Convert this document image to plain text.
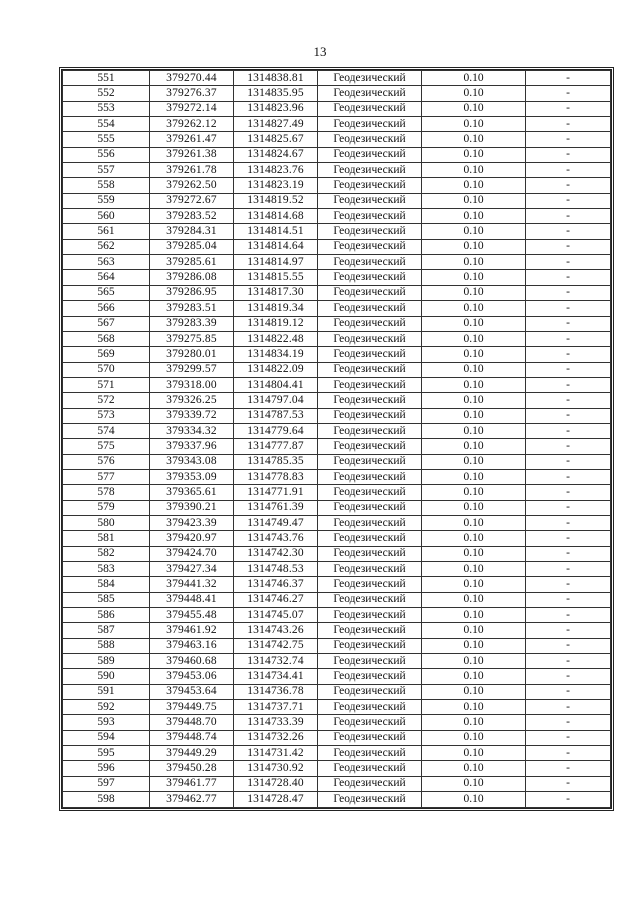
13
551	379270.44	1314838.81	Геодезический	0.10	-
552	379276.37	1314835.95	Геодезический	0.10	-
553	379272.14	1314823.96	Геодезический	0.10	-
554	379262.12	1314827.49	Геодезический	0.10	-
555	379261.47	1314825.67	Геодезический	0.10	-
556	379261.38	1314824.67	Геодезический	0.10	-
557	379261.78	1314823.76	Геодезический	0.10	-
558	379262.50	1314823.19	Геодезический	0.10	-
559	379272.67	1314819.52	Геодезический	0.10	-
560	379283.52	1314814.68	Геодезический	0.10	-
561	379284.31	1314814.51	Геодезический	0.10	-
562	379285.04	1314814.64	Геодезический	0.10	-
563	379285.61	1314814.97	Геодезический	0.10	-
564	379286.08	1314815.55	Геодезический	0.10	-
565	379286.95	1314817.30	Геодезический	0.10	-
566	379283.51	1314819.34	Геодезический	0.10	-
567	379283.39	1314819.12	Геодезический	0.10	-
568	379275.85	1314822.48	Геодезический	0.10	-
569	379280.01	1314834.19	Геодезический	0.10	-
570	379299.57	1314822.09	Геодезический	0.10	-
571	379318.00	1314804.41	Геодезический	0.10	-
572	379326.25	1314797.04	Геодезический	0.10	-
573	379339.72	1314787.53	Геодезический	0.10	-
574	379334.32	1314779.64	Геодезический	0.10	-
575	379337.96	1314777.87	Геодезический	0.10	-
576	379343.08	1314785.35	Геодезический	0.10	-
577	379353.09	1314778.83	Геодезический	0.10	-
578	379365.61	1314771.91	Геодезический	0.10	-
579	379390.21	1314761.39	Геодезический	0.10	-
580	379423.39	1314749.47	Геодезический	0.10	-
581	379420.97	1314743.76	Геодезический	0.10	-
582	379424.70	1314742.30	Геодезический	0.10	-
583	379427.34	1314748.53	Геодезический	0.10	-
584	379441.32	1314746.37	Геодезический	0.10	-
585	379448.41	1314746.27	Геодезический	0.10	-
586	379455.48	1314745.07	Геодезический	0.10	-
587	379461.92	1314743.26	Геодезический	0.10	-
588	379463.16	1314742.75	Геодезический	0.10	-
589	379460.68	1314732.74	Геодезический	0.10	-
590	379453.06	1314734.41	Геодезический	0.10	-
591	379453.64	1314736.78	Геодезический	0.10	-
592	379449.75	1314737.71	Геодезический	0.10	-
593	379448.70	1314733.39	Геодезический	0.10	-
594	379448.74	1314732.26	Геодезический	0.10	-
595	379449.29	1314731.42	Геодезический	0.10	-
596	379450.28	1314730.92	Геодезический	0.10	-
597	379461.77	1314728.40	Геодезический	0.10	-
598	379462.77	1314728.47	Геодезический	0.10	-
